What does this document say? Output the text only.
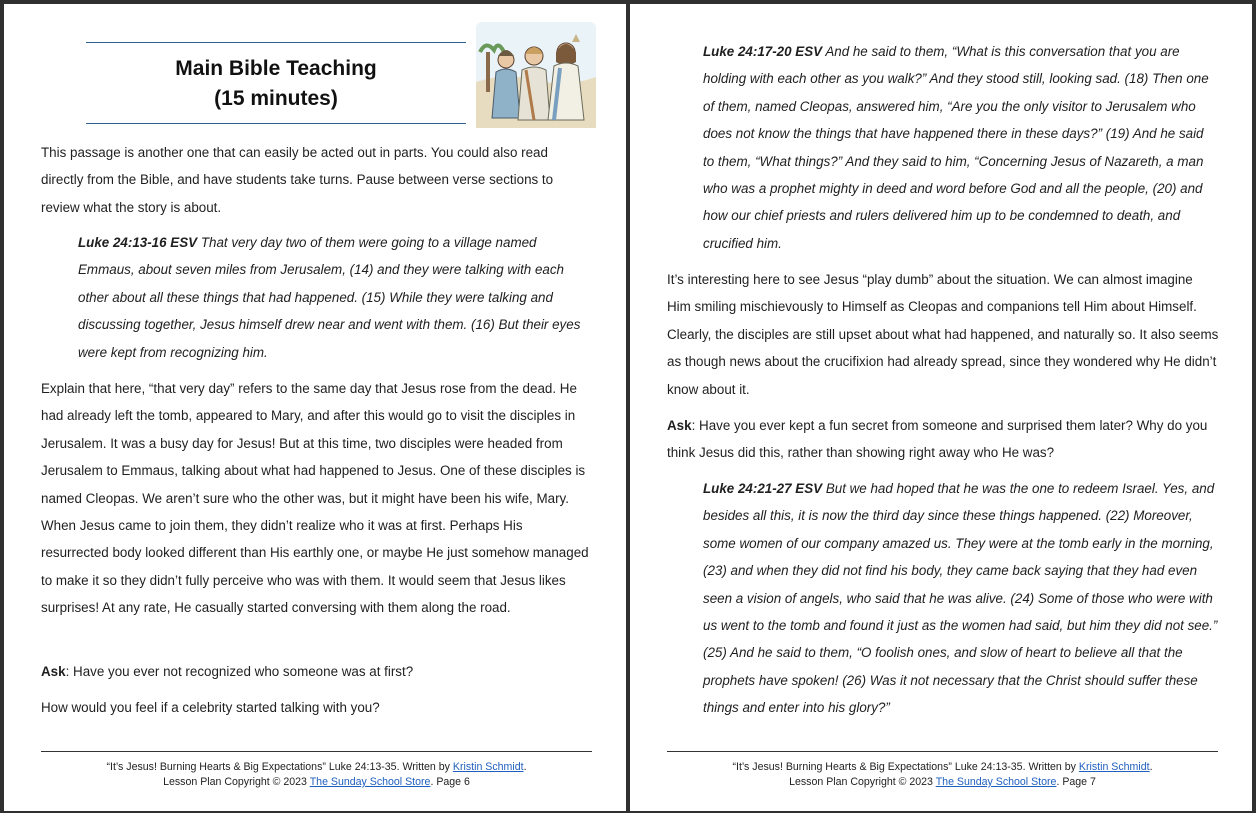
Main Bible Teaching
(15 minutes)
This passage is another one that can easily be acted out in parts. You could also read directly from the Bible, and have students take turns. Pause between verse sections to review what the story is about.
Luke 24:13-16 ESV That very day two of them were going to a village named Emmaus, about seven miles from Jerusalem, (14) and they were talking with each other about all these things that had happened. (15) While they were talking and discussing together, Jesus himself drew near and went with them. (16) But their eyes were kept from recognizing him.
Explain that here, “that very day” refers to the same day that Jesus rose from the dead. He had already left the tomb, appeared to Mary, and after this would go to visit the disciples in Jerusalem. It was a busy day for Jesus! But at this time, two disciples were headed from Jerusalem to Emmaus, talking about what had happened to Jesus. One of these disciples is named Cleopas. We aren’t sure who the other was, but it might have been his wife, Mary. When Jesus came to join them, they didn’t realize who it was at first. Perhaps His resurrected body looked different than His earthly one, or maybe He just somehow managed to make it so they didn’t fully perceive who was with them. It would seem that Jesus likes surprises! At any rate, He casually started conversing with them along the road.
Ask: Have you ever not recognized who someone was at first?
How would you feel if a celebrity started talking with you?
“It’s Jesus! Burning Hearts & Big Expectations” Luke 24:13-35. Written by Kristin Schmidt.
Lesson Plan Copyright © 2023 The Sunday School Store. Page 6
Luke 24:17-20 ESV And he said to them, “What is this conversation that you are holding with each other as you walk?” And they stood still, looking sad. (18) Then one of them, named Cleopas, answered him, “Are you the only visitor to Jerusalem who does not know the things that have happened there in these days?” (19) And he said to them, “What things?” And they said to him, “Concerning Jesus of Nazareth, a man who was a prophet mighty in deed and word before God and all the people, (20) and how our chief priests and rulers delivered him up to be condemned to death, and crucified him.
It’s interesting here to see Jesus “play dumb” about the situation. We can almost imagine Him smiling mischievously to Himself as Cleopas and companions tell Him about Himself. Clearly, the disciples are still upset about what had happened, and naturally so. It also seems as though news about the crucifixion had already spread, since they wondered why He didn’t know about it.
Ask: Have you ever kept a fun secret from someone and surprised them later? Why do you think Jesus did this, rather than showing right away who He was?
Luke 24:21-27 ESV But we had hoped that he was the one to redeem Israel. Yes, and besides all this, it is now the third day since these things happened. (22) Moreover, some women of our company amazed us. They were at the tomb early in the morning, (23) and when they did not find his body, they came back saying that they had even seen a vision of angels, who said that he was alive. (24) Some of those who were with us went to the tomb and found it just as the women had said, but him they did not see.” (25) And he said to them, “O foolish ones, and slow of heart to believe all that the prophets have spoken! (26) Was it not necessary that the Christ should suffer these things and enter into his glory?”
“It’s Jesus! Burning Hearts & Big Expectations” Luke 24:13-35. Written by Kristin Schmidt.
Lesson Plan Copyright © 2023 The Sunday School Store. Page 7
